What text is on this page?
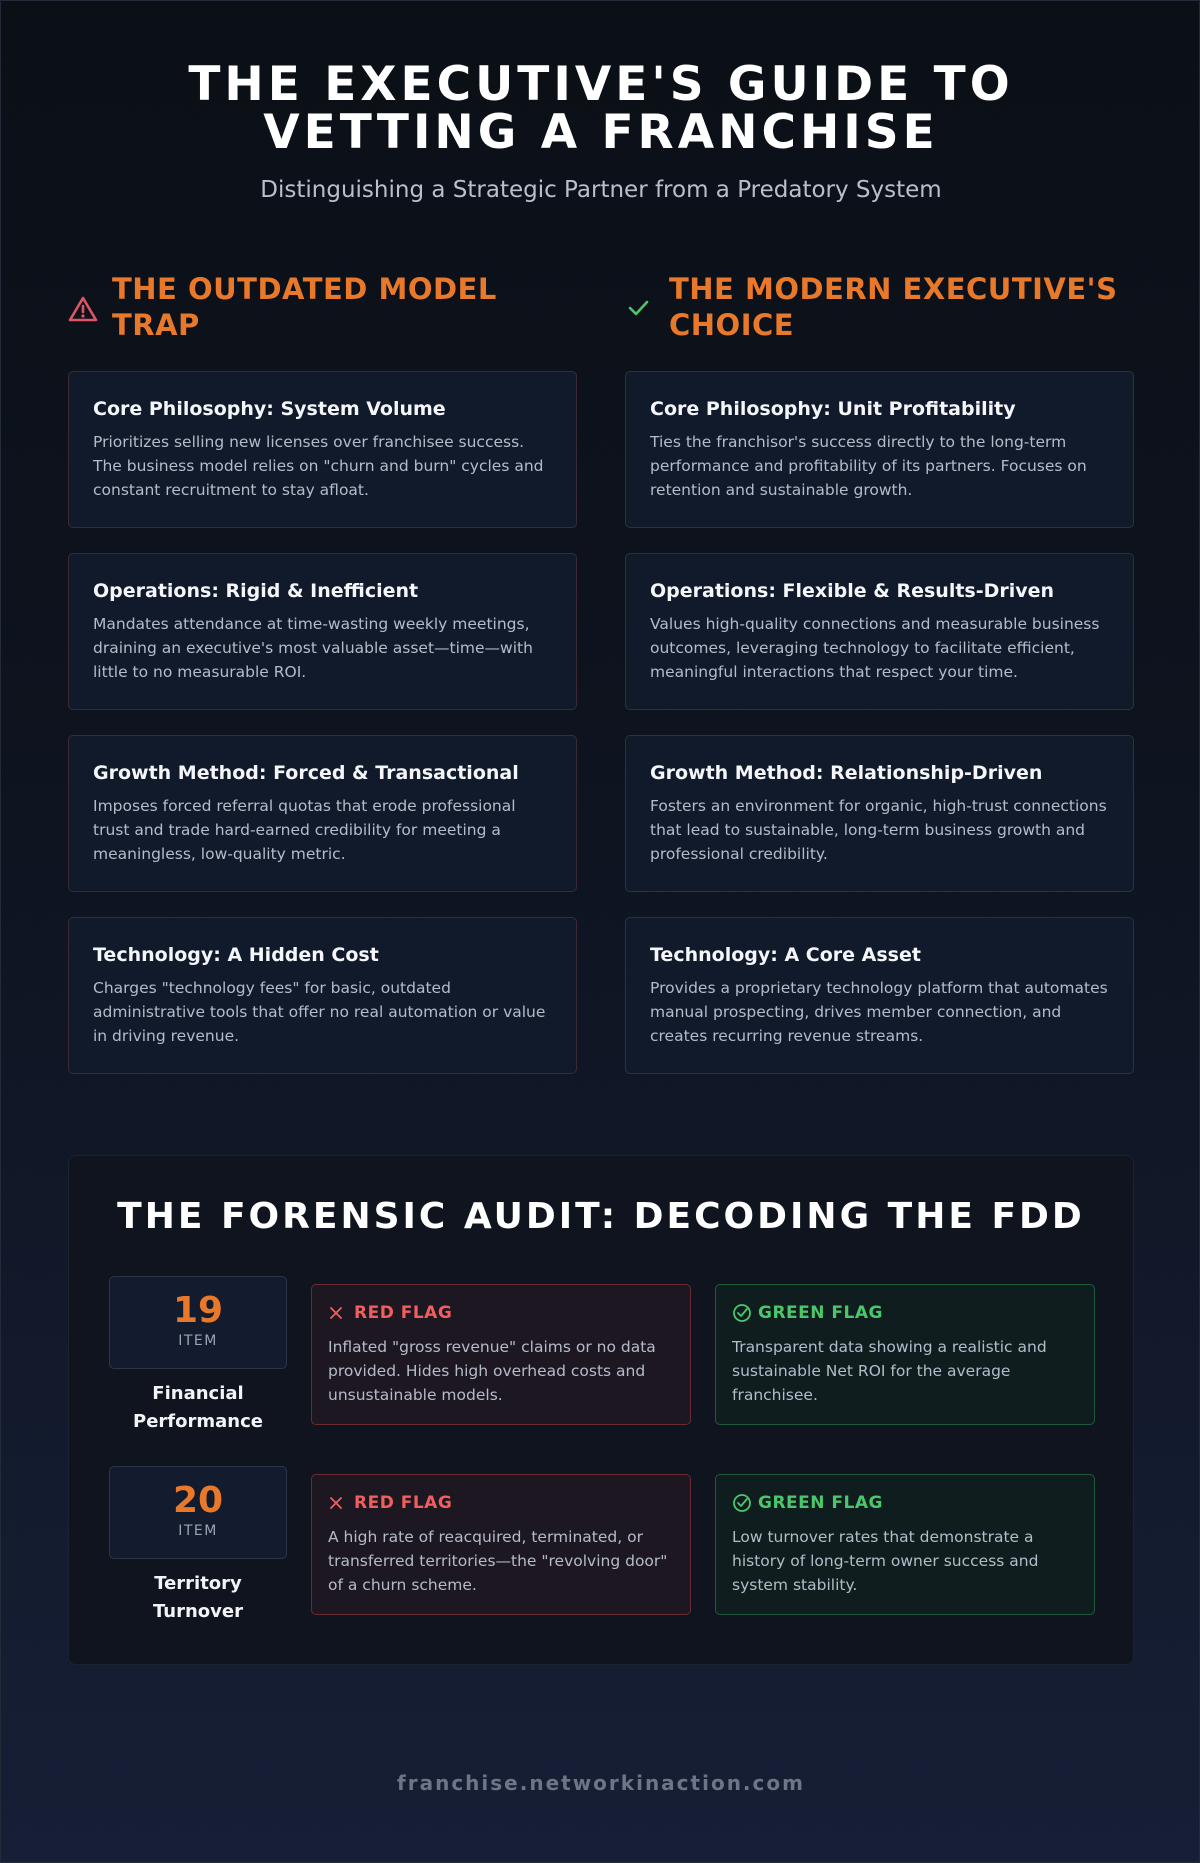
THE EXECUTIVE'S GUIDE TO VETTING A FRANCHISE
Distinguishing a Strategic Partner from a Predatory System
THE OUTDATED MODEL TRAP
Core Philosophy: System Volume

Prioritizes selling new licenses over franchisee success. The business model relies on "churn and burn" cycles and constant recruitment to stay afloat.

Operations: Rigid & Inefficient

Mandates attendance at time-wasting weekly meetings, draining an executive's most valuable asset—time—with little to no measurable ROI.

Growth Method: Forced & Transactional

Imposes forced referral quotas that erode professional trust and trade hard-earned credibility for meeting a meaningless, low-quality metric.

Technology: A Hidden Cost

Charges "technology fees" for basic, outdated administrative tools that offer no real automation or value in driving revenue.

THE MODERN EXECUTIVE'S CHOICE
Core Philosophy: Unit Profitability

Ties the franchisor's success directly to the long-term performance and profitability of its partners. Focuses on retention and sustainable growth.

Operations: Flexible & Results-Driven

Values high-quality connections and measurable business outcomes, leveraging technology to facilitate efficient, meaningful interactions that respect your time.

Growth Method: Relationship-Driven

Fosters an environment for organic, high-trust connections that lead to sustainable, long-term business growth and professional credibility.

Technology: A Core Asset

Provides a proprietary technology platform that automates manual prospecting, drives member connection, and creates recurring revenue streams.

THE FORENSIC AUDIT: DECODING THE FDD
19
ITEM
Financial Performance
RED FLAG

Inflated "gross revenue" claims or no data provided. Hides high overhead costs and unsustainable models.

GREEN FLAG

Transparent data showing a realistic and sustainable Net ROI for the average franchisee.

20
ITEM
Territory Turnover
RED FLAG

A high rate of reacquired, terminated, or transferred territories—the "revolving door" of a churn scheme.

GREEN FLAG

Low turnover rates that demonstrate a history of long-term owner success and system stability.

franchise.networkinaction.com
